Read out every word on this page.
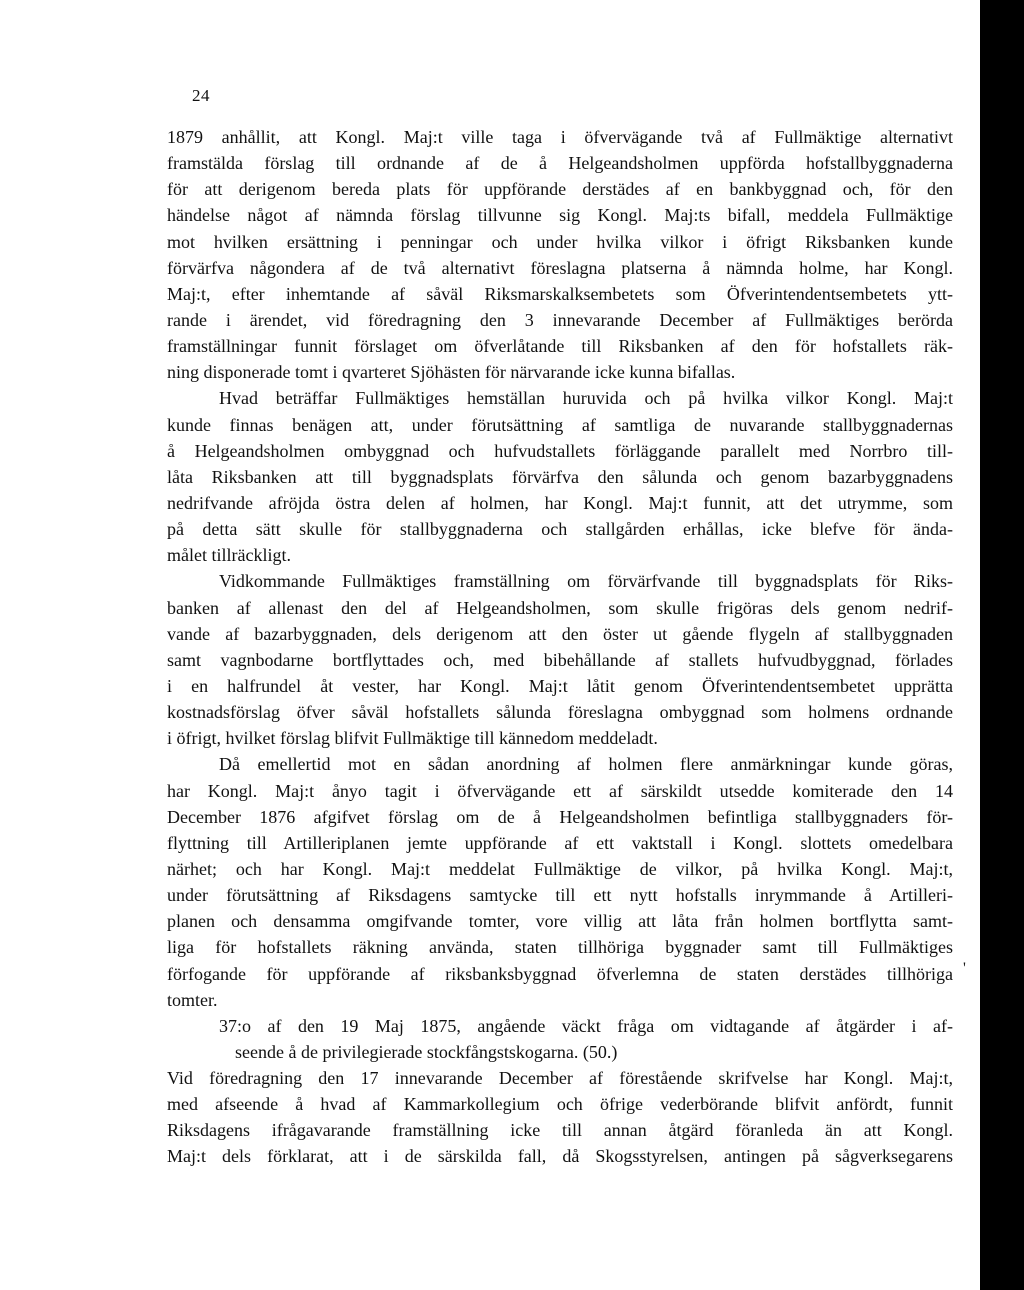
24
1879 anhållit, att Kongl. Maj:t ville taga i öfvervägande två af Fullmäktige alternativt
framstälda förslag till ordnande af de å Helgeandsholmen uppförda hofstallbyggnaderna
för att derigenom bereda plats för uppförande derstädes af en bankbyggnad och, för den
händelse något af nämnda förslag tillvunne sig Kongl. Maj:ts bifall, meddela Fullmäktige
mot hvilken ersättning i penningar och under hvilka vilkor i öfrigt Riksbanken kunde
förvärfva någondera af de två alternativt föreslagna platserna å nämnda holme, har Kongl.
Maj:t, efter inhemtande af såväl Riksmarskalksembetets som Öfverintendentsembetets ytt-
rande i ärendet, vid föredragning den 3 innevarande December af Fullmäktiges berörda
framställningar funnit förslaget om öfverlåtande till Riksbanken af den för hofstallets räk-
ning disponerade tomt i qvarteret Sjöhästen för närvarande icke kunna bifallas.
Hvad beträffar Fullmäktiges hemställan huruvida och på hvilka vilkor Kongl. Maj:t
kunde finnas benägen att, under förutsättning af samtliga de nuvarande stallbyggnadernas
å Helgeandsholmen ombyggnad och hufvudstallets förläggande parallelt med Norrbro till-
låta Riksbanken att till byggnadsplats förvärfva den sålunda och genom bazarbyggnadens
nedrifvande afröjda östra delen af holmen, har Kongl. Maj:t funnit, att det utrymme, som
på detta sätt skulle för stallbyggnaderna och stallgården erhållas, icke blefve för ända-
målet tillräckligt.
Vidkommande Fullmäktiges framställning om förvärfvande till byggnadsplats för Riks-
banken af allenast den del af Helgeandsholmen, som skulle frigöras dels genom nedrif-
vande af bazarbyggnaden, dels derigenom att den öster ut gående flygeln af stallbyggnaden
samt vagnbodarne bortflyttades och, med bibehållande af stallets hufvudbyggnad, förlades
i en halfrundel åt vester, har Kongl. Maj:t låtit genom Öfverintendentsembetet upprätta
kostnadsförslag öfver såväl hofstallets sålunda föreslagna ombyggnad som holmens ordnande
i öfrigt, hvilket förslag blifvit Fullmäktige till kännedom meddeladt.
Då emellertid mot en sådan anordning af holmen flere anmärkningar kunde göras,
har Kongl. Maj:t ånyo tagit i öfvervägande ett af särskildt utsedde komiterade den 14
December 1876 afgifvet förslag om de å Helgeandsholmen befintliga stallbyggnaders för-
flyttning till Artilleriplanen jemte uppförande af ett vaktstall i Kongl. slottets omedelbara
närhet; och har Kongl. Maj:t meddelat Fullmäktige de vilkor, på hvilka Kongl. Maj:t,
under förutsättning af Riksdagens samtycke till ett nytt hofstalls inrymmande å Artilleri-
planen och densamma omgifvande tomter, vore villig att låta från holmen bortflytta samt-
liga för hofstallets räkning använda, staten tillhöriga byggnader samt till Fullmäktiges
förfogande för uppförande af riksbanksbyggnad öfverlemna de staten derstädes tillhöriga
tomter.
37:o af den 19 Maj 1875, angående väckt fråga om vidtagande af åtgärder i af-
seende å de privilegierade stockfångstskogarna. (50.)
Vid föredragning den 17 innevarande December af förestående skrifvelse har Kongl. Maj:t,
med afseende å hvad af Kammarkollegium och öfrige vederbörande blifvit anfördt, funnit
Riksdagens ifrågavarande framställning icke till annan åtgärd föranleda än att Kongl.
Maj:t dels förklarat, att i de särskilda fall, då Skogsstyrelsen, antingen på sågverksegarens
'
